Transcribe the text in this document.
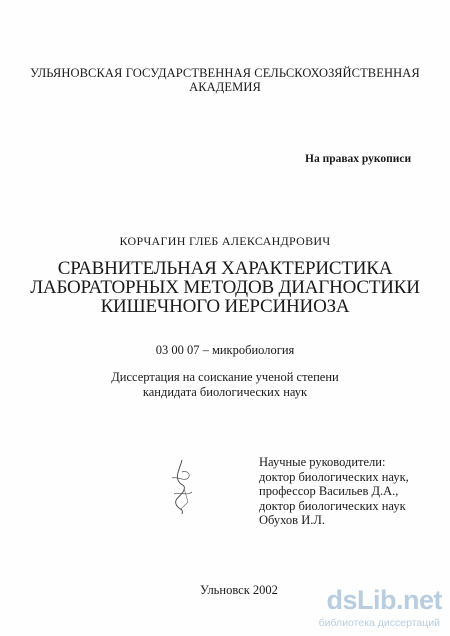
УЛЬЯНОВСКАЯ ГОСУДАРСТВЕННАЯ СЕЛЬСКОХОЗЯЙСТВЕННАЯ
АКАДЕМИЯ
На правах рукописи
КОРЧАГИН ГЛЕБ АЛЕКСАНДРОВИЧ
СРАВНИТЕЛЬНАЯ ХАРАКТЕРИСТИКА
ЛАБОРАТОРНЫХ МЕТОДОВ ДИАГНОСТИКИ
КИШЕЧНОГО ИЕРСИНИОЗА
03 00 07 – микробиология
Диссертация на соискание ученой степени
кандидата биологических наук
Научные руководители:
доктор биологических наук,
профессор Васильев Д.А.,
доктор биологических наук
Обухов И.Л.
Ульновск 2002 dsLib.net
библиотека диссертаций
